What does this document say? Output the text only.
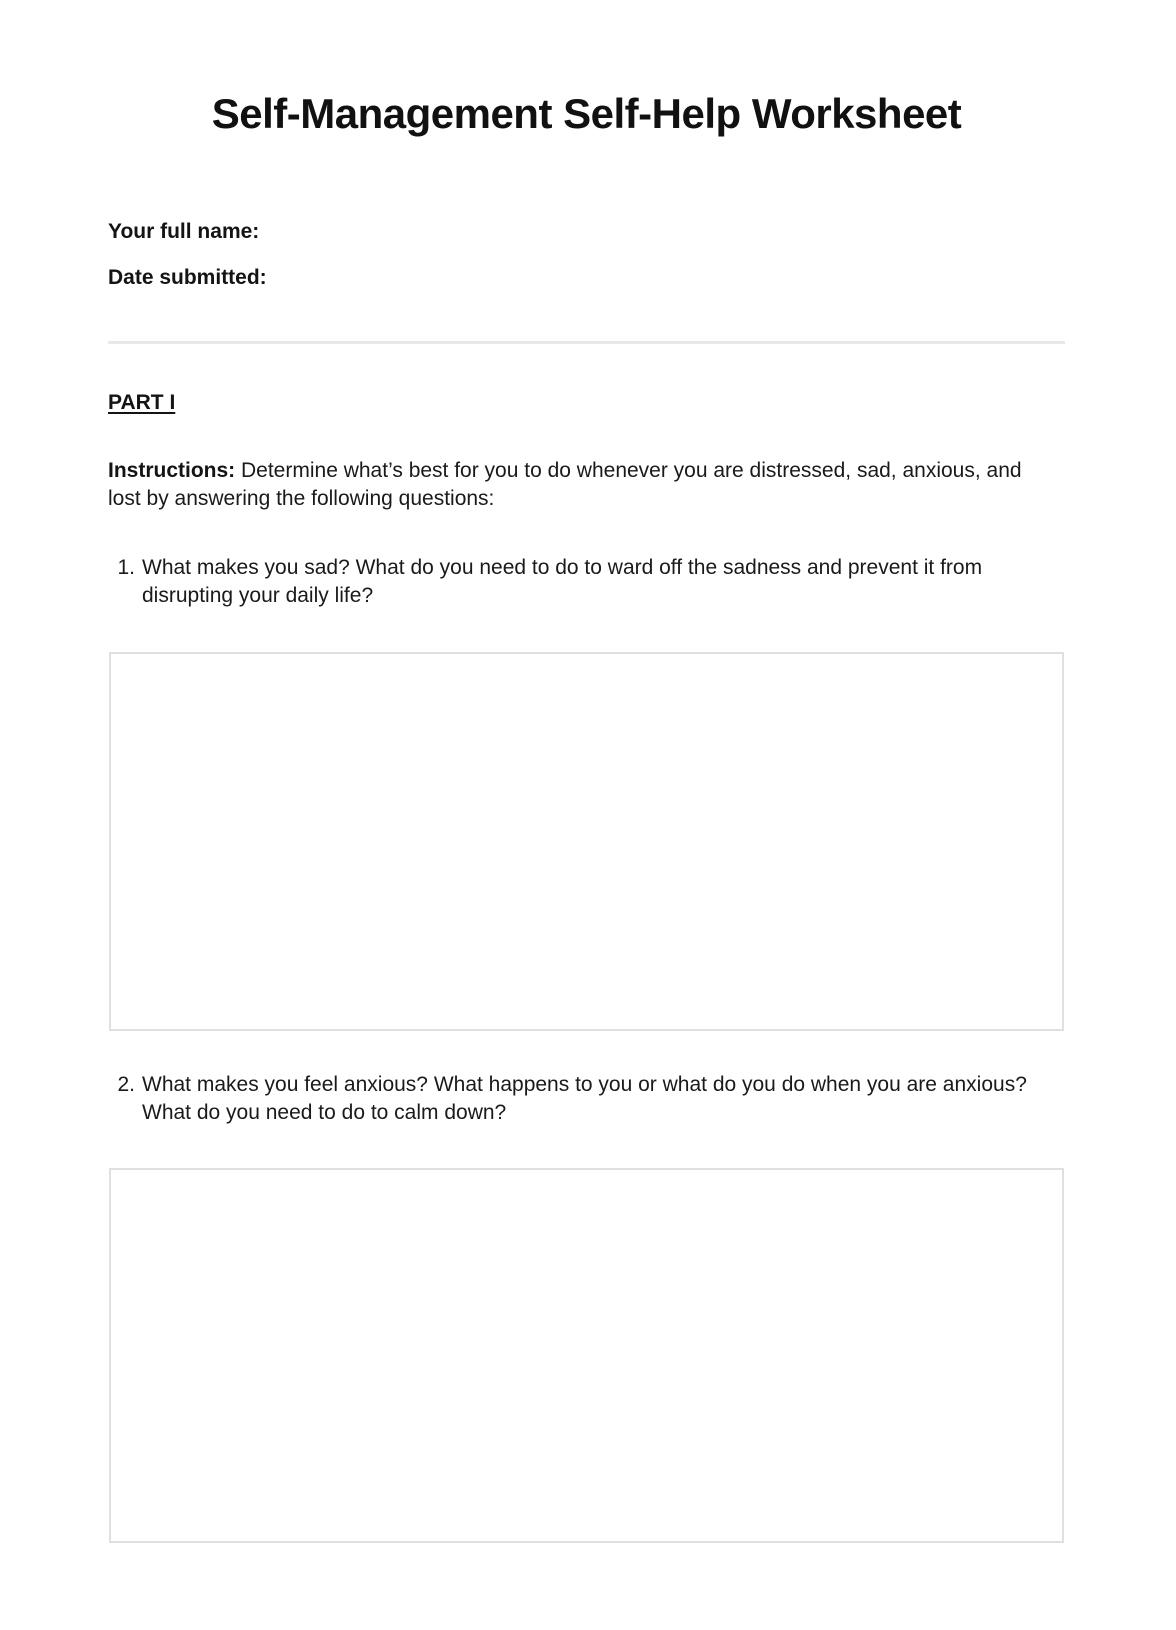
Self-Management Self-Help Worksheet
Your full name:
Date submitted:
PART I

Instructions: Determine what’s best for you to do whenever you are distressed, sad, anxious, and lost by answering the following questions:

1. What makes you sad? What do you need to do to ward off the sadness and prevent it from disrupting your daily life?
2. What makes you feel anxious? What happens to you or what do you do when you are anxious? What do you need to do to calm down?
